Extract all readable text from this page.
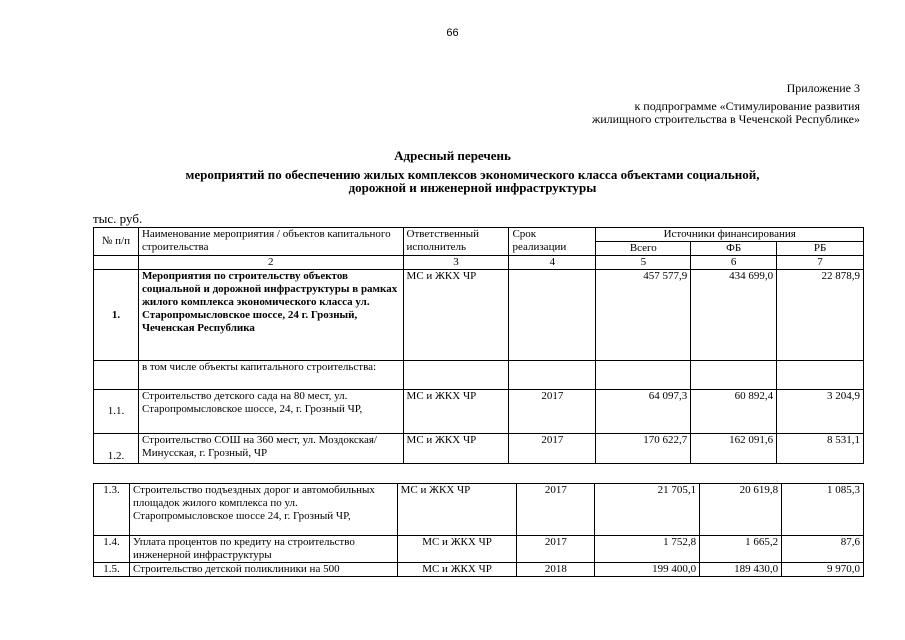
66
Приложение 3
к подпрограмме «Стимулирование развития
жилищного строительства в Чеченской Республике»
Адресный перечень
мероприятий по обеспечению жилых комплексов экономического класса объектами социальной,
дорожной и инженерной инфраструктуры
тыс. руб.
№ п/п	Наименование мероприятия / объектов капитального строительства	Ответственный исполнитель	Срок реализации	Источники финансирования		
				Всего	ФБ	РБ
	2	3	4	5	6	7
1.	Мероприятия по строительству объектов социальной и дорожной инфраструктуры в рамках жилого комплекса экономического класса ул. Старопромысловское шоссе, 24 г. Грозный, Чеченская Республика	МС и ЖКХ ЧР		457 577,9	434 699,0	22 878,9
	в том числе объекты капитального строительства:					
1.1.	Строительство детского сада на 80 мест, ул. Старопромысловское шоссе, 24, г. Грозный ЧР,	МС и ЖКХ ЧР	2017	64 097,3	60 892,4	3 204,9
1.2.	Строительство СОШ на 360 мест, ул. Моздокская/ Минусская, г. Грозный, ЧР	МС и ЖКХ ЧР	2017	170 622,7	162 091,6	8 531,1
1.3.	Строительство подъездных дорог и автомобильных площадок жилого комплекса по ул. Старопромысловское шоссе 24, г. Грозный ЧР,	МС и ЖКХ ЧР	2017	21 705,1	20 619,8	1 085,3
1.4.	Уплата процентов по кредиту на строительство инженерной инфраструктуры	МС и ЖКХ ЧР	2017	1 752,8	1 665,2	87,6
1.5.	Строительство детской поликлиники на 500	МС и ЖКХ ЧР	2018	199 400,0	189 430,0	9 970,0
